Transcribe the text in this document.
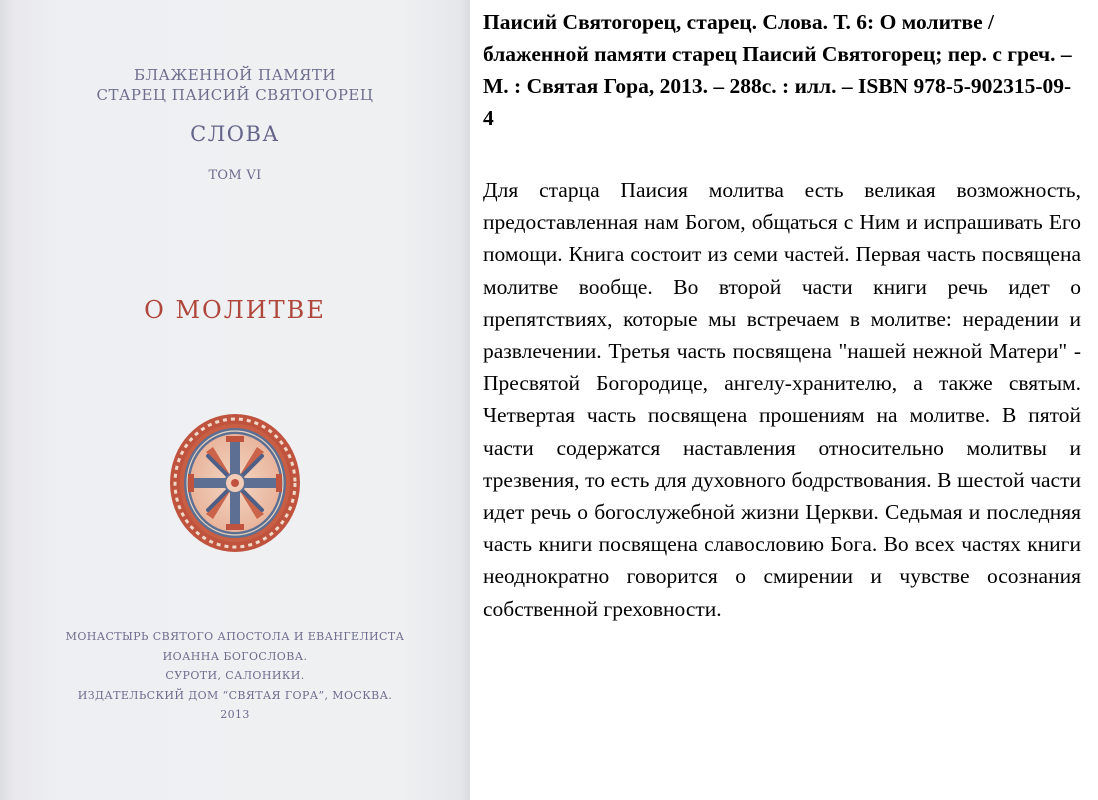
БЛАЖЕННОЙ ПАМЯТИ

СТАРЕЦ ПАИСИЙ СВЯТОГОРЕЦ

СЛОВА

ТОМ VI

О МОЛИТВЕ

МОНАСТЫРЬ СВЯТОГО АПОСТОЛА И ЕВАНГЕЛИСТА

ИОАННА БОГОСЛОВА.

СУРОТИ, САЛОНИКИ.

ИЗДАТЕЛЬСКИЙ ДОМ “СВЯТАЯ ГОРА”, МОСКВА.

2013

Паисий Святогорец, старец. Слова. Т. 6: О молитве / блаженной памяти старец Паисий Святогорец; пер. с греч. – М. : Святая Гора, 2013. – 288с. : илл. – ISBN 978-5-902315-09-4

Для старца Паисия молитва есть великая возможность, предоставленная нам Богом, общаться с Ним и испрашивать Его помощи. Книга состоит из семи частей. Первая часть посвящена молитве вообще. Во второй части книги речь идет о препятствиях, которые мы встречаем в молитве: нерадении и развлечении. Третья часть посвящена "нашей нежной Матери" - Пресвятой Богородице, ангелу-хранителю, а также святым. Четвертая часть посвящена прошениям на молитве. В пятой части содержатся наставления относительно молитвы и трезвения, то есть для духовного бодрствования. В шестой части идет речь о богослужебной жизни Церкви. Седьмая и последняя часть книги посвящена славословию Бога. Во всех частях книги неоднократно говорится о смирении и чувстве осознания собственной греховности.
